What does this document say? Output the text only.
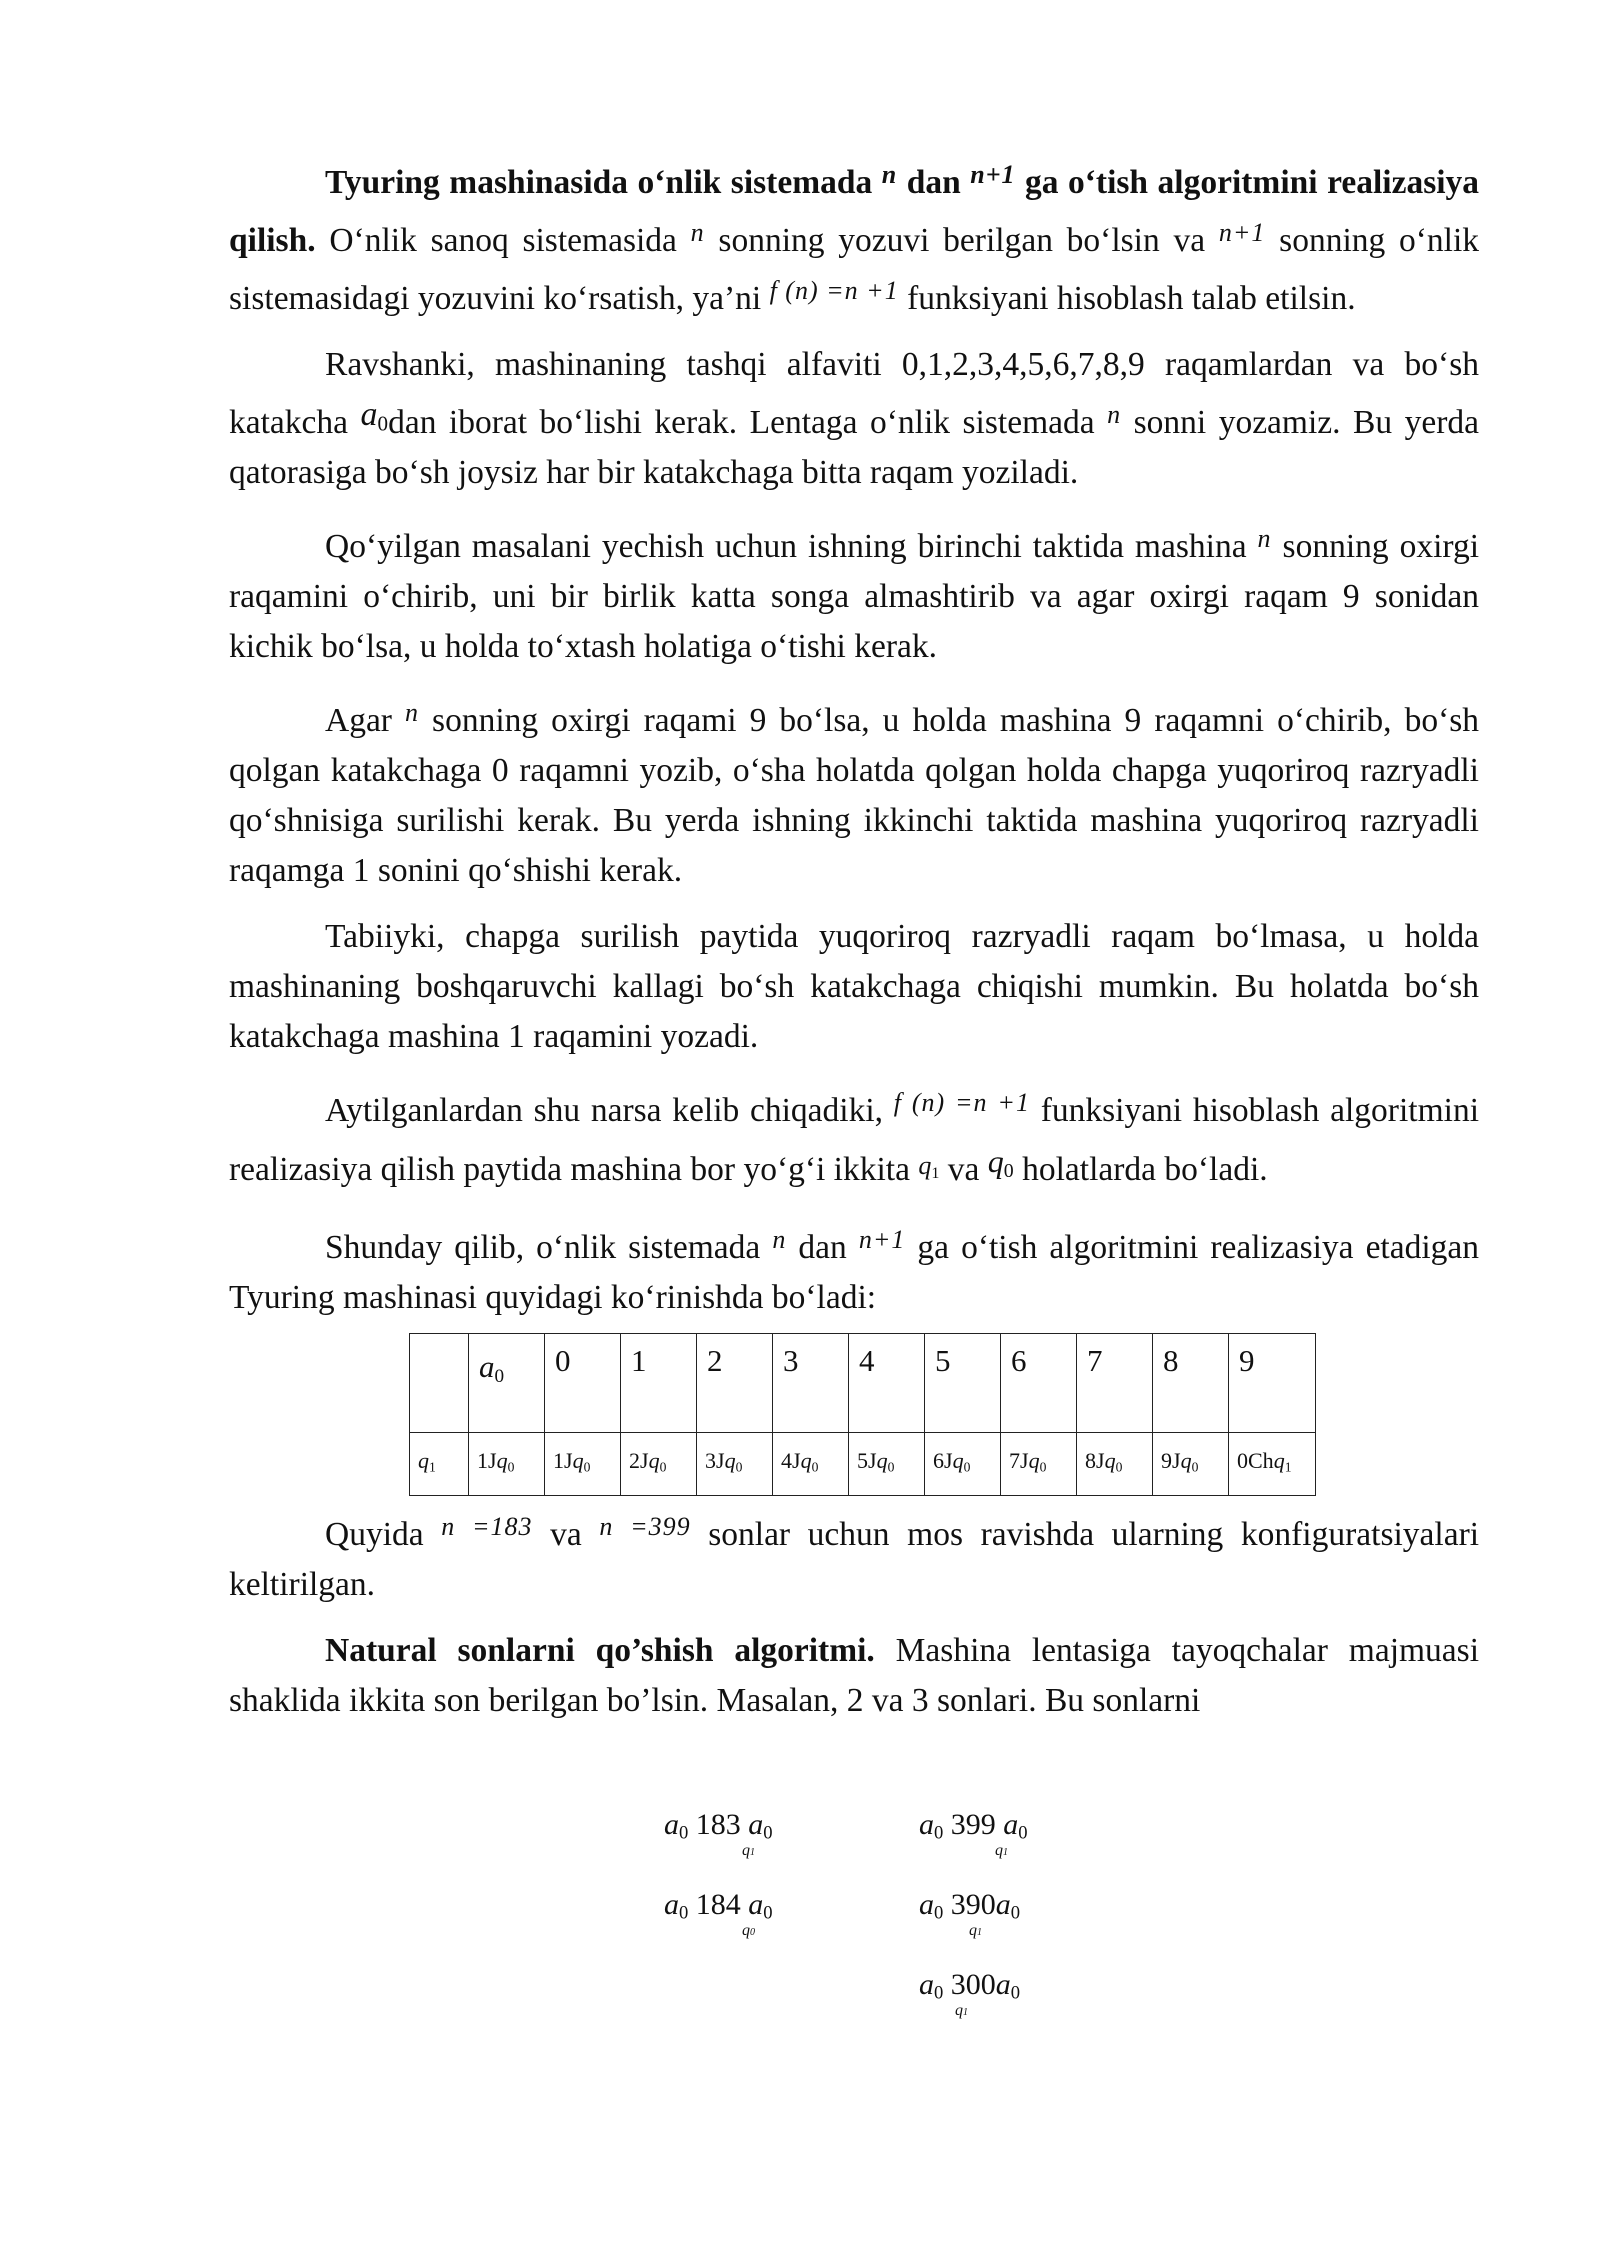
Tyuring mashinasida o‘nlik sistemada $^n$ dan $^{n+1}$ ga o‘tish algoritmini realizasiya qilish. O‘nlik sanoq sistemasida $^n$ sonning yozuvi berilgan bo‘lsin va $^{n+1}$ sonning o‘nlik sistemasidagi yozuvini ko‘rsatish, ya’ni $^{f (n) =n +1}$ funksiyani hisoblash talab etilsin.

Ravshanki, mashinaning tashqi alfaviti 0,1,2,3,4,5,6,7,8,9 raqamlardan va bo‘sh katakcha $a_0dan$ iborat bo‘lishi kerak. Lentaga o‘nlik sistemada $^n$ sonni yozamiz. Bu yerda qatorasiga bo‘sh joysiz har bir katakchaga bitta raqam yoziladi.

Qo‘yilgan masalani yechish uchun ishning birinchi taktida mashina $^n$ sonning oxirgi raqamini o‘chirib, uni bir birlik katta songa almashtirib va agar oxirgi raqam 9 sonidan kichik bo‘lsa, u holda to‘xtash holatiga o‘tishi kerak.

Agar $^n$ sonning oxirgi raqami 9 bo‘lsa, u holda mashina 9 raqamni o‘chirib, bo‘sh qolgan katakchaga 0 raqamni yozib, o‘sha holatda qolgan holda chapga yuqoriroq razryadli qo‘shnisiga surilishi kerak. Bu yerda ishning ikkinchi taktida mashina yuqoriroq razryadli raqamga 1 sonini qo‘shishi kerak.

Tabiiyki, chapga surilish paytida yuqoriroq razryadli raqam bo‘lmasa, u holda mashinaning boshqaruvchi kallagi bo‘sh katakchaga chiqishi mumkin. Bu holatda bo‘sh katakchaga mashina 1 raqamini yozadi.

Aytilganlardan shu narsa kelib chiqadiki, $^{f (n) =n +1}$ funksiyani hisoblash algoritmini realizasiya qilish paytida mashina bor yo‘g‘i ikkita $q_1$ va $q_0$ holatlarda bo‘ladi.

Shunday qilib, o‘nlik sistemada $^n$ dan $^{n+1}$ ga o‘tish algoritmini realizasiya etadigan Tyuring mashinasi quyidagi ko‘rinishda bo‘ladi:

	$a_0$	0	1	2	3	4	5	6	7	8	9
$q_1$	$1Jq_0$	$1Jq_0$	$2Jq_0$	$3Jq_0$	$4Jq_0$	$5Jq_0$	$6Jq_0$	$7Jq_0$	$8Jq_0$	$9Jq_0$	0Chq$_1$

Quyida $^{n =183}$ va $^{n =399}$ sonlar uchun mos ravishda ularning konfiguratsiyalari keltirilgan.

Natural sonlarni qo’shish algoritmi. Mashina lentasiga tayoqchalar majmuasi shaklida ikkita son berilgan bo’lsin. Masalan, 2 va 3 sonlari. Bu sonlarni

$a_0$ 183 $a_0$
q1
$a_0$ 184 $a_0$
q0
$a_0$ 399 $a_0$
q1
$a_0$ $390a_0$
q1
$a_0$ $300a_0$
q1
